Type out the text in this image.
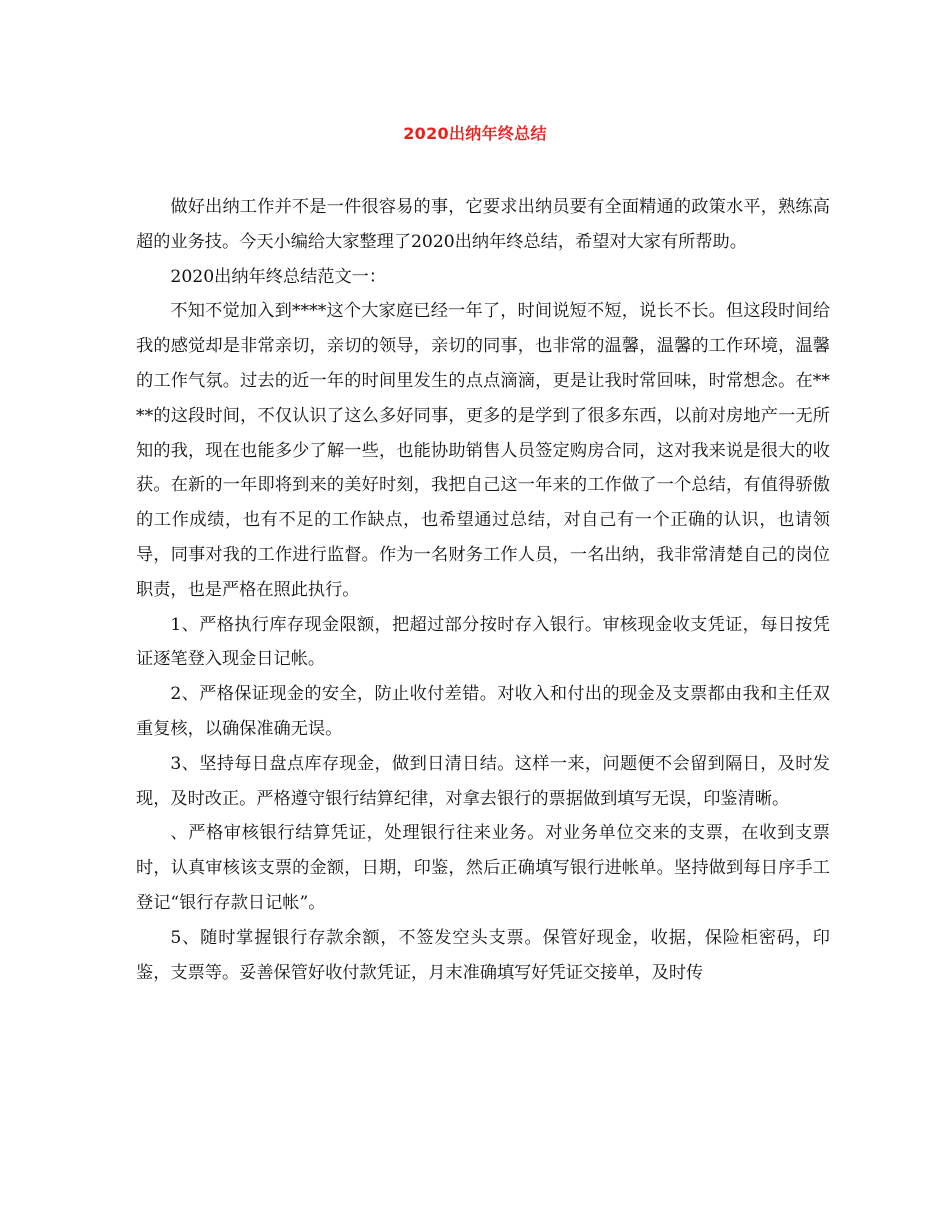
2020出纳年终总结

做好出纳工作并不是一件很容易的事，它要求出纳员要有全面精通的政策水平，熟练高超的业务技。今天小编给大家整理了2020出纳年终总结，希望对大家有所帮助。

2020出纳年终总结范文一：

不知不觉加入到****这个大家庭已经一年了，时间说短不短，说长不长。但这段时间给我的感觉却是非常亲切，亲切的领导，亲切的同事，也非常的温馨，温馨的工作环境，温馨的工作气氛。过去的近一年的时间里发生的点点滴滴，更是让我时常回味，时常想念。在****的这段时间，不仅认识了这么多好同事，更多的是学到了很多东西，以前对房地产一无所知的我，现在也能多少了解一些，也能协助销售人员签定购房合同，这对我来说是很大的收获。在新的一年即将到来的美好时刻，我把自己这一年来的工作做了一个总结，有值得骄傲的工作成绩，也有不足的工作缺点，也希望通过总结，对自己有一个正确的认识，也请领导，同事对我的工作进行监督。作为一名财务工作人员，一名出纳，我非常清楚自己的岗位职责，也是严格在照此执行。

1、严格执行库存现金限额，把超过部分按时存入银行。审核现金收支凭证，每日按凭证逐笔登入现金日记帐。

2、严格保证现金的安全，防止收付差错。对收入和付出的现金及支票都由我和主任双重复核，以确保准确无误。

3、坚持每日盘点库存现金，做到日清日结。这样一来，问题便不会留到隔日，及时发现，及时改正。严格遵守银行结算纪律，对拿去银行的票据做到填写无误，印鉴清晰。

、严格审核银行结算凭证，处理银行往来业务。对业务单位交来的支票，在收到支票时，认真审核该支票的金额，日期，印鉴，然后正确填写银行进帐单。坚持做到每日序手工登记“银行存款日记帐”。

5、随时掌握银行存款余额，不签发空头支票。保管好现金，收据，保险柜密码，印鉴，支票等。妥善保管好收付款凭证，月末准确填写好凭证交接单，及时传
